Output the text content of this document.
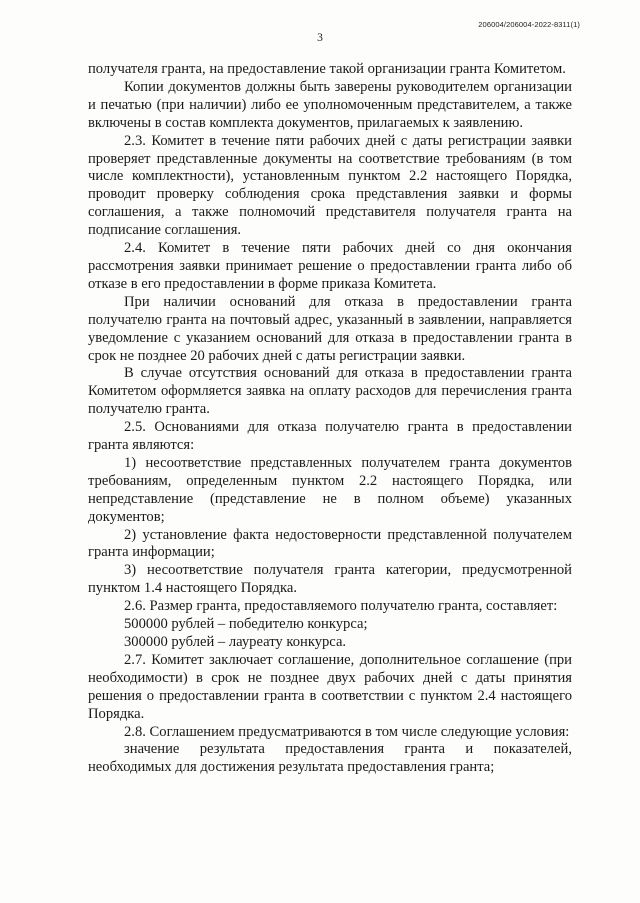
206004/206004-2022-8311(1)
3

получателя гранта, на предоставление такой организации гранта Комитетом.

Копии документов должны быть заверены руководителем организации и печатью (при наличии) либо ее уполномоченным представителем, а также включены в состав комплекта документов, прилагаемых к заявлению.

2.3. Комитет в течение пяти рабочих дней с даты регистрации заявки проверяет представленные документы на соответствие требованиям (в том числе комплектности), установленным пунктом 2.2 настоящего Порядка, проводит проверку соблюдения срока представления заявки и формы соглашения, а также полномочий представителя получателя гранта на подписание соглашения.

2.4. Комитет в течение пяти рабочих дней со дня окончания рассмотрения заявки принимает решение о предоставлении гранта либо об отказе в его предоставлении в форме приказа Комитета.

При наличии оснований для отказа в предоставлении гранта получателю гранта на почтовый адрес, указанный в заявлении, направляется уведомление с указанием оснований для отказа в предоставлении гранта в срок не позднее 20 рабочих дней с даты регистрации заявки.

В случае отсутствия оснований для отказа в предоставлении гранта Комитетом оформляется заявка на оплату расходов для перечисления гранта получателю гранта.

2.5. Основаниями для отказа получателю гранта в предоставлении гранта являются:

1) несоответствие представленных получателем гранта документов требованиям, определенным пунктом 2.2 настоящего Порядка, или непредставление (представление не в полном объеме) указанных документов;

2) установление факта недостоверности представленной получателем гранта информации;

3) несоответствие получателя гранта категории, предусмотренной пунктом 1.4 настоящего Порядка.

2.6. Размер гранта, предоставляемого получателю гранта, составляет:

500000 рублей – победителю конкурса;

300000 рублей – лауреату конкурса.

2.7. Комитет заключает соглашение, дополнительное соглашение (при необходимости) в срок не позднее двух рабочих дней с даты принятия решения о предоставлении гранта в соответствии с пунктом 2.4 настоящего Порядка.

2.8. Соглашением предусматриваются в том числе следующие условия:

значение результата предоставления гранта и показателей, необходимых для достижения результата предоставления гранта;
